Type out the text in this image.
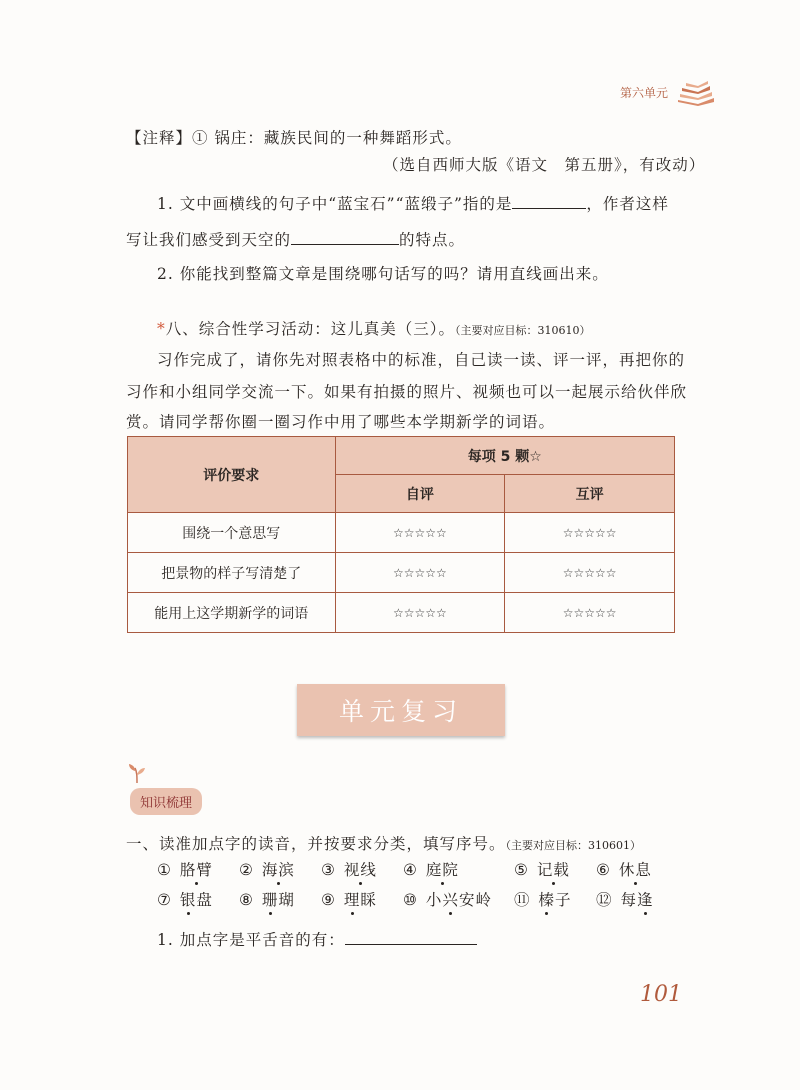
第六单元
【注释】① 锅庄：藏族民间的一种舞蹈形式。
（选自西师大版《语文　第五册》，有改动）
1. 文中画横线的句子中“蓝宝石”“蓝缎子”指的是	，作者这样
写让我们感受到天空的	的特点。
2. 你能找到整篇文章是围绕哪句话写的吗？请用直线画出来。
*八、综合性学习活动：这儿真美（三）。（主要对应目标：310610）
习作完成了，请你先对照表格中的标准，自己读一读、评一评，再把你的
习作和小组同学交流一下。如果有拍摄的照片、视频也可以一起展示给伙伴欣
赏。请同学帮你圈一圈习作中用了哪些本学期新学的词语。
评价要求	每项 5 颗☆	
	自评	互评
围绕一个意思写	☆☆☆☆☆	☆☆☆☆☆
把景物的样子写清楚了	☆☆☆☆☆	☆☆☆☆☆
能用上这学期新学的词语	☆☆☆☆☆	☆☆☆☆☆
单元复习
知识梳理
一、读准加点字的读音，并按要求分类，填写序号。（主要对应目标：310601）
① 胳臂 ② 海滨 ③ 视线 ④ 庭院	⑤ 记载 ⑥ 休息
⑦ 银盘 ⑧ 珊瑚 ⑨ 理睬 ⑩ 小兴安岭 ⑪ 榛子 ⑫ 每逢
1. 加点字是平舌音的有：
101
